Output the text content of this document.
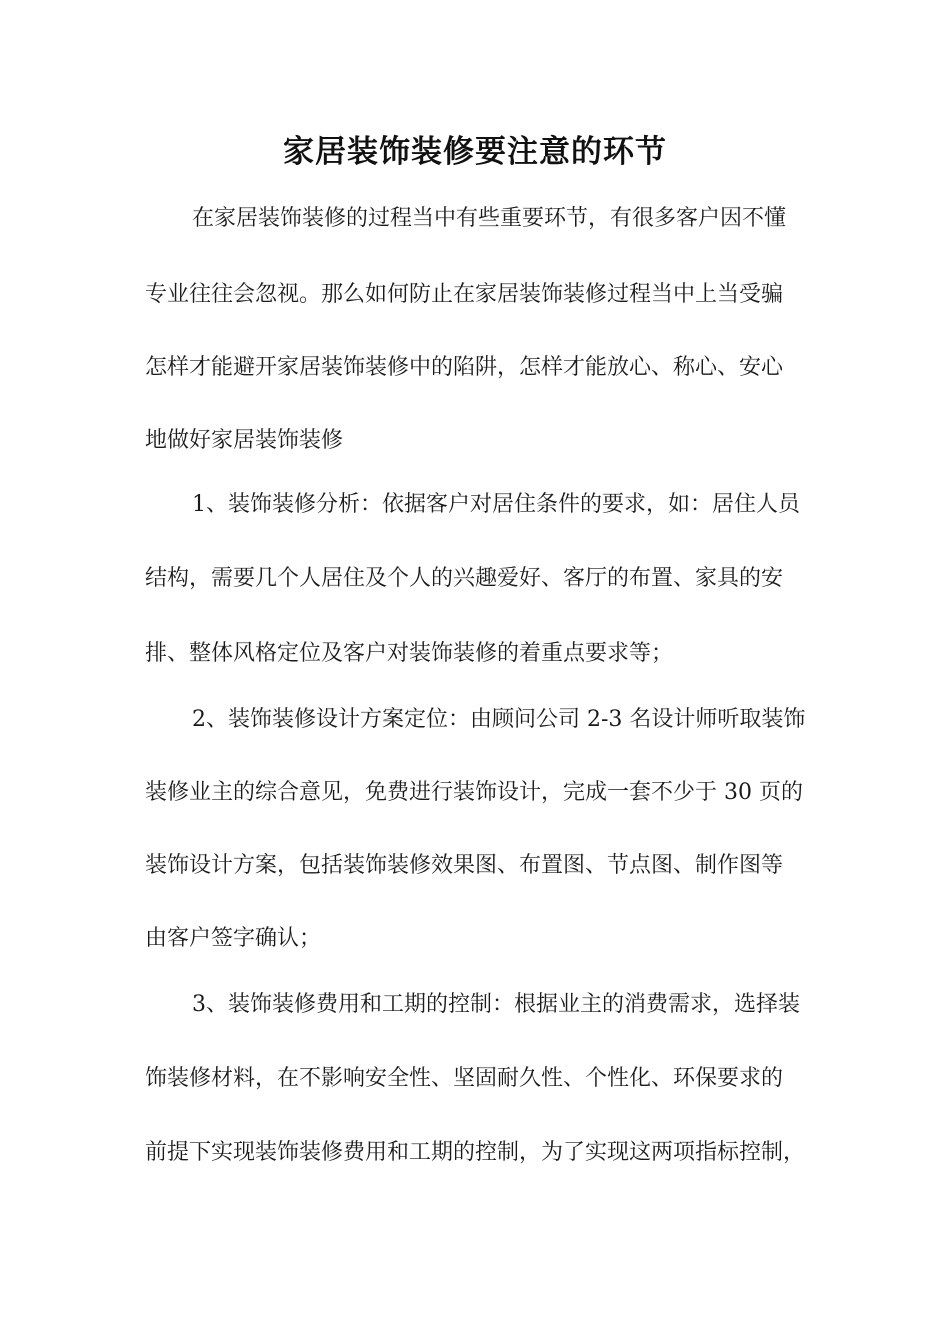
家居装饰装修要注意的环节
在家居装饰装修的过程当中有些重要环节，有很多客户因不懂
专业往往会忽视。那么如何防止在家居装饰装修过程当中上当受骗
怎样才能避开家居装饰装修中的陷阱，怎样才能放心、称心、安心
地做好家居装饰装修
1、装饰装修分析：依据客户对居住条件的要求，如：居住人员
结构，需要几个人居住及个人的兴趣爱好、客厅的布置、家具的安
排、整体风格定位及客户对装饰装修的着重点要求等；
2、装饰装修设计方案定位：由顾问公司 2-3 名设计师听取装饰
装修业主的综合意见，免费进行装饰设计，完成一套不少于 30 页的
装饰设计方案，包括装饰装修效果图、布置图、节点图、制作图等
由客户签字确认；
3、装饰装修费用和工期的控制：根据业主的消费需求，选择装
饰装修材料，在不影响安全性、坚固耐久性、个性化、环保要求的
前提下实现装饰装修费用和工期的控制，为了实现这两项指标控制，
